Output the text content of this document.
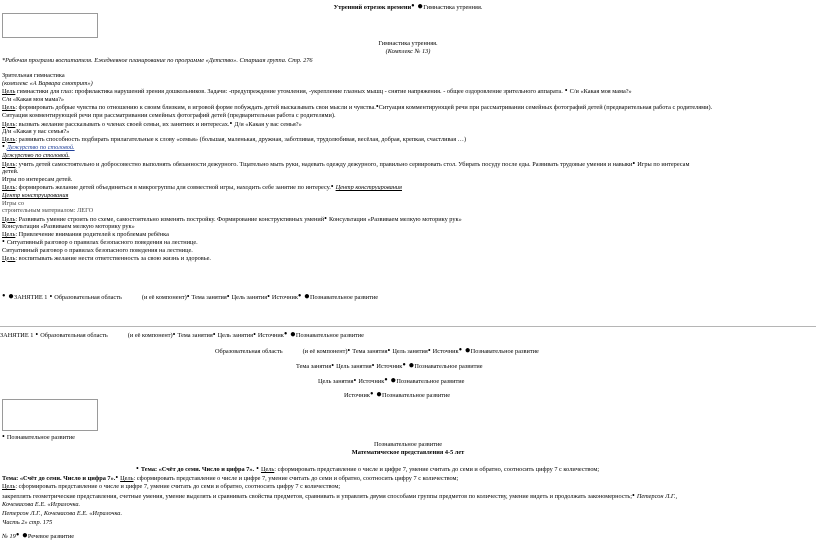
Утренний отрезок времени• ●Гимнастика утренняя.
Гимнастика утренняя.
(Комплекс № 13)
*Рабочая програми воспитателя. Ежедневное планирование по программе «Детство». Старшая группа. Стр. 276

Зрительная гимнастика

(комплекс «А Варвара смотрит»)

Цель гимнастики для глаз: профилактика нарушений зрения дошкольников. Задачи: -предупреждение утомления, -укрепление глазных мышц - снятие напряжения. - общее оздоровление зрительного аппарата. • С/и «Какая моя мама?»

С/и «Какая моя мама?»

Цель: формировать добрые чувства по отношению к своим близким, в игровой форме побуждать детей высказывать свои мысли и чувства.•Ситуация комментирующей речи при рассматривании семейных фотографий детей (предварительная работа с родителями).

Ситуация комментирующей речи при рассматривании семейных фотографий детей (предварительная работа с родителями).

Цель: вызвать желание рассказывать о членах своей семьи, их занятиях и интересах.• Д/и «Какая у вас семья?»

Д/и «Какая у вас семья?»

Цель: развивать способность подбирать прилагательные к слову «семья» (большая, маленькая, дружная, заботливая, трудолюбивая, весёлая, добрая, крепкая, счастливая …)

• Дежурство по столовой.

Дежурство по столовой.

Цель: учить детей самостоятельно и добросовестно выполнять обязанности дежурного. Тщательно мыть руки, надевать одежду дежурного, правильно сервировать стол. Убирать посуду после еды. Развивать трудовые умения и навыки• Игры по интересам

детей.

Игры по интересам детей.

Цель: формировать желание детей объединяться в микрогруппы для совместной игры, находить себе занятие по интересу.• Центр конструирования

Центр конструирования

Игры со

строительным материалом: ЛЕГО

Цель: Развивать умение строить по схеме, самостоятельно изменять постройку. Формирование конструктивных умений• Консультация «Развиваем мелкую моторику рук»

Консультация «Развиваем мелкую моторику рук»

Цель: Привлечение внимания родителей к проблемам ребёнка

• Ситуативный разговор о правилах безопасного поведения на лестнице.

Ситуативный разговор о правилах безопасного поведения на лестнице.

Цель: воспитывать желание нести ответственность за свою жизнь и здоровье.

• ●ЗАНЯТИЕ 1 • Образовательная область	(и её компонент)• Тема занятия• Цель занятия• Источник• ●Познавательное развитие
ЗАНЯТИЕ 1 • Образовательная область	(и её компонент)• Тема занятия• Цель занятия• Источник• ●Познавательное развитие
Образовательная область	(и её компонент)• Тема занятия• Цель занятия• Источник• ●Познавательное развитие
Тема занятия• Цель занятия• Источник• ●Познавательное развитие
Цель занятия• Источник• ●Познавательное развитие
Источник• ●Познавательное развитие
• Познавательное развитие
Познавательное развитие
Математическое представления 4-5 лет
• Тема: «Счёт до семи. Число и цифра 7». • Цель: сформировать представление о числе и цифре 7, умение считать до семи и обратно, соотносить цифру 7 с количеством;
Тема: «Счёт до семи. Число и цифра 7».• Цель: сформировать представление о числе и цифре 7, умение считать до семи и обратно, соотносить цифру 7 с количеством;
Цель: сформировать представление о числе и цифре 7, умение считать до семи и обратно, соотносить цифру 7 с количеством;
закреплять геометрические представления, счетные умения, умение выделять и сравнивать свойства предметов, сравнивать и управлять двумя способами группы предметов по количеству, умение видеть и продолжать закономерность;• Петерсон Л.Г.,
Кочемасова Е.Е. «Игралочка.
Петерсон Л.Г., Кочемасова Е.Е. «Игралочка.
Часть 2» стр. 175
№ 19• ●Речевое развитие
